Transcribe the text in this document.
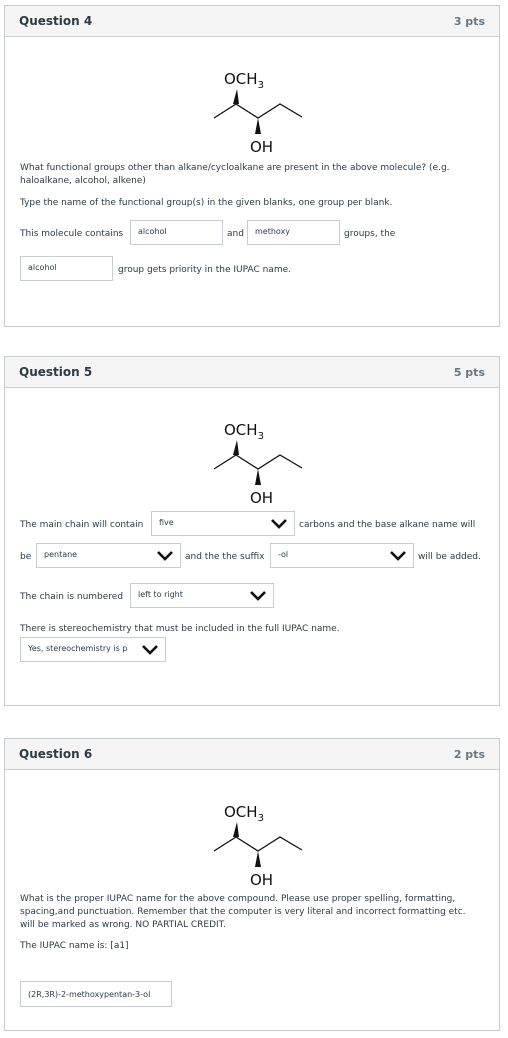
Question 4	3 pts
$OCH_3$
OH
What functional groups other than alkane/cycloalkane are present in the above molecule? (e.g.
haloalkane, alcohol, alkene)
Type the name of the functional group(s) in the given blanks, one group per blank.
This molecule contains	alcohol	and	methoxy	groups, the
alcohol	group gets priority in the IUPAC name.
Question 5	5 pts
$OCH_3$
OH
The main chain will contain	five	carbons and the base alkane name will
be	pentane	and the the suffix	-ol	will be added.
The chain is numbered	left to right
There is stereochemistry that must be included in the full IUPAC name.
Yes, stereochemistry is p
Question 6	2 pts
$OCH_3$
OH
What is the proper IUPAC name for the above compound. Please use proper spelling, formatting,
spacing,and punctuation. Remember that the computer is very literal and incorrect formatting etc.
will be marked as wrong. NO PARTIAL CREDIT.
The IUPAC name is: [a1]
(2R,3R)-2-methoxypentan-3-ol
